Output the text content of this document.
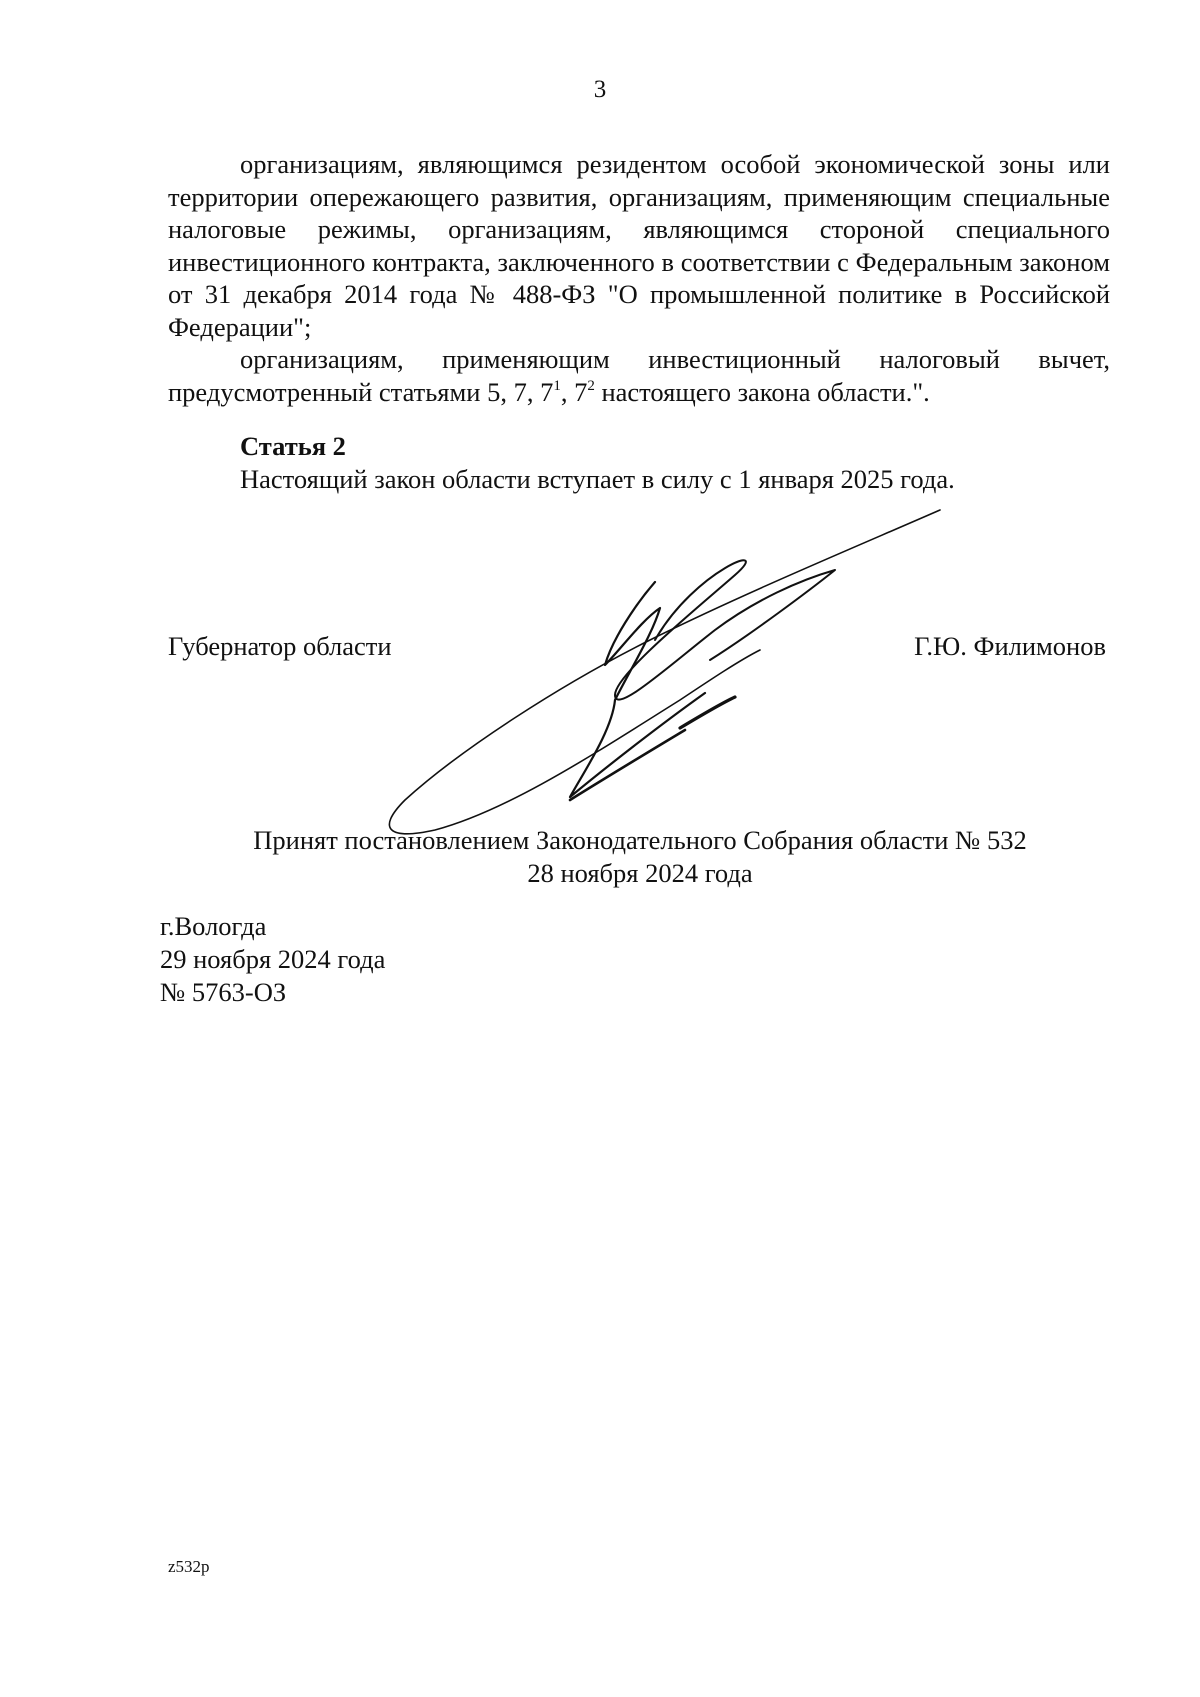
3

организациям, являющимся резидентом особой экономической зоны или территории опережающего развития, организациям, применяющим специальные налоговые режимы, организациям, являющимся стороной специального инвестиционного контракта, заключенного в соответствии с Федеральным законом от 31 декабря 2014 года № 488-ФЗ "О промышленной политике в Российской Федерации";

организациям, применяющим инвестиционный налоговый вычет, предусмотренный статьями 5, 7, $7^1$, $7^2$ настоящего закона области.".

Статья 2
Настоящий закон области вступает в силу с 1 января 2025 года.
Губернатор области	Г.Ю. Филимонов
Принят постановлением Законодательного Собрания области № 532
28 ноября 2024 года
г.Вологда
29 ноября 2024 года
№ 5763-ОЗ
z532p
